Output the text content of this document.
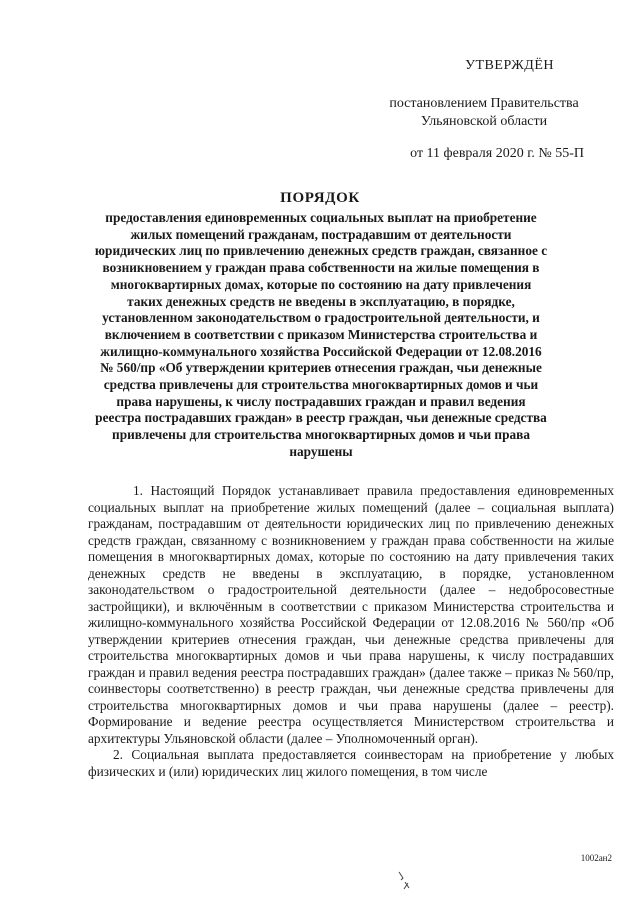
УТВЕРЖДЁН
постановлением Правительства Ульяновской области
от 11 февраля 2020 г. № 55-П
ПОРЯДОК
предоставления единовременных социальных выплат на приобретение жилых помещений гражданам, пострадавшим от деятельности юридических лиц по привлечению денежных средств граждан, связанное с возникновением у граждан права собственности на жилые помещения в многоквартирных домах, которые по состоянию на дату привлечения таких денежных средств не введены в эксплуатацию, в порядке, установленном законодательством о градостроительной деятельности, и включением в соответствии с приказом Министерства строительства и жилищно-коммунального хозяйства Российской Федерации от 12.08.2016 № 560/пр «Об утверждении критериев отнесения граждан, чьи денежные средства привлечены для строительства многоквартирных домов и чьи права нарушены, к числу пострадавших граждан и правил ведения реестра пострадавших граждан» в реестр граждан, чьи денежные средства привлечены для строительства многоквартирных домов и чьи права нарушены

1. Настоящий Порядок устанавливает правила предоставления единовременных социальных выплат на приобретение жилых помещений (далее – социальная выплата) гражданам, пострадавшим от деятельности юридических лиц по привлечению денежных средств граждан, связанному с возникновением у граждан права собственности на жилые помещения в многоквартирных домах, которые по состоянию на дату привлечения таких денежных средств не введены в эксплуатацию, в порядке, установленном законодательством о градостроительной деятельности (далее – недобросовестные застройщики), и включённым в соответствии с приказом Министерства строительства и жилищно-коммунального хозяйства Российской Федерации от 12.08.2016 № 560/пр «Об утверждении критериев отнесения граждан, чьи денежные средства привлечены для строительства многоквартирных домов и чьи права нарушены, к числу пострадавших граждан и правил ведения реестра пострадавших граждан» (далее также – приказ № 560/пр, соинвесторы соответственно) в реестр граждан, чьи денежные средства привлечены для строительства многоквартирных домов и чьи права нарушены (далее – реестр). Формирование и ведение реестра осуществляется Министерством строительства и архитектуры Ульяновской области (далее – Уполномоченный орган).

2. Социальная выплата предоставляется соинвесторам на приобретение у любых физических и (или) юридических лиц жилого помещения, в том числе

1002ан2
